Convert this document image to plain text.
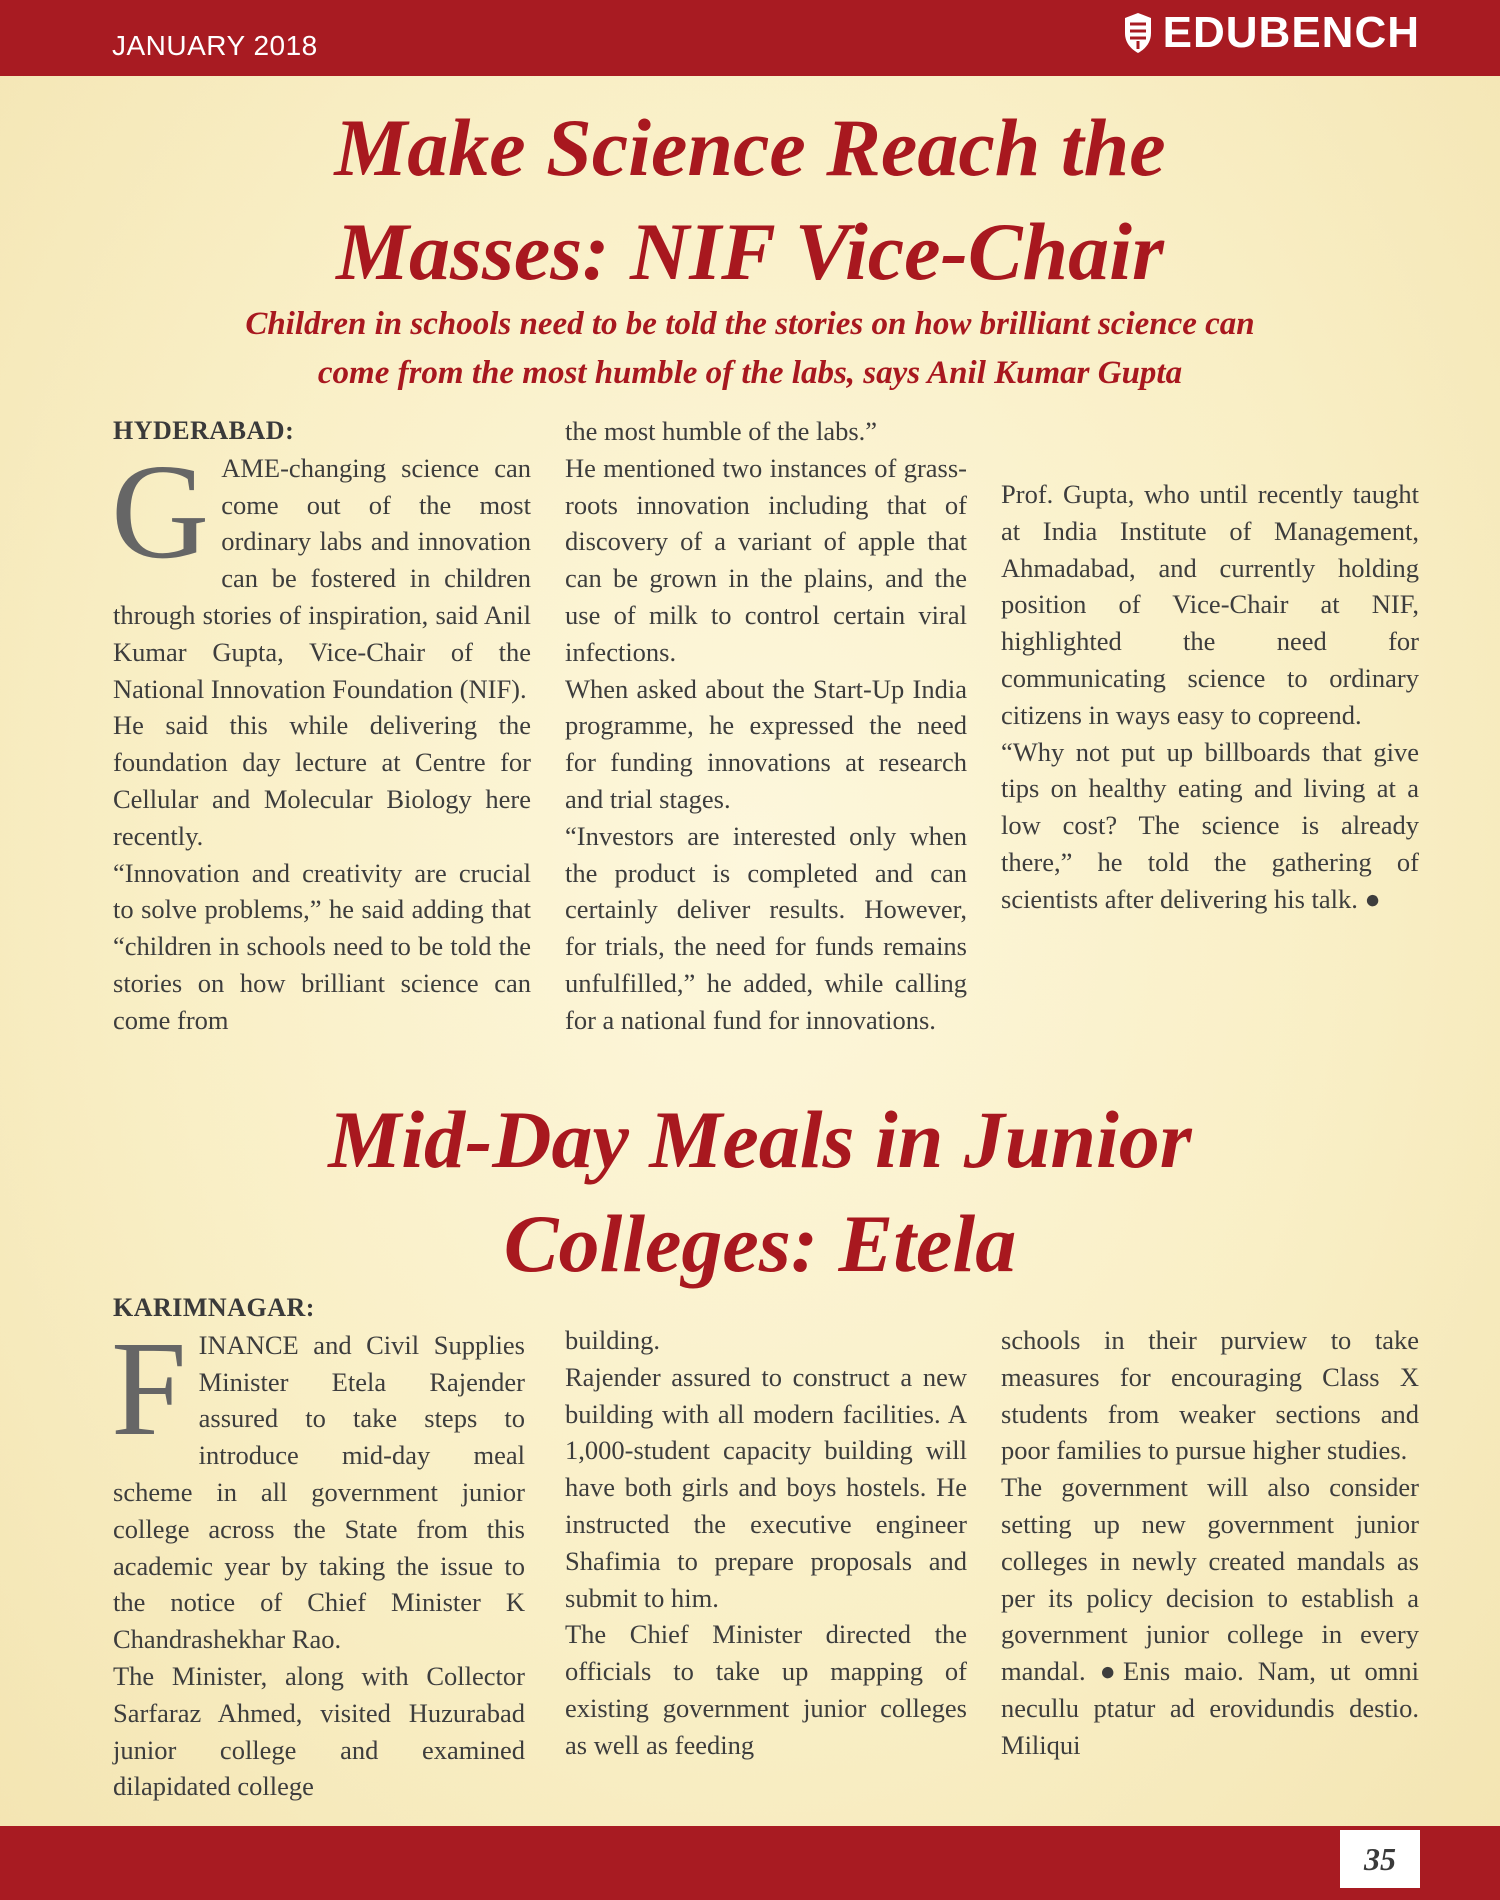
JANUARY 2018	EDUBENCH
Make Science Reach the
Masses: NIF Vice-Chair
Children in schools need to be told the stories on how brilliant science can
come from the most humble of the labs, says Anil Kumar Gupta
HYDERABAD:
G AME-changing science can come out of the most ordinary labs and innovation can be fostered in children through stories of inspiration, said Anil Kumar Gupta, Vice-Chair of the National Innovation Foundation (NIF).

He said this while delivering the foundation day lecture at Centre for Cellular and Molecular Biology here recently.

“Innovation and creativity are crucial to solve problems,” he said adding that “children in schools need to be told the stories on how brilliant science can come from

the most humble of the labs.”

He mentioned two instances of grass-roots innovation including that of discovery of a variant of apple that can be grown in the plains, and the use of milk to control certain viral infections.

When asked about the Start-Up India programme, he expressed the need for funding innovations at research and trial stages.

“Investors are interested only when the product is completed and can certainly deliver results. However, for trials, the need for funds remains unfulfilled,” he added, while calling for a national fund for innovations.

Prof. Gupta, who until recently taught at India Institute of Management, Ahmadabad, and currently holding position of Vice-Chair at NIF, highlighted the need for communicating science to ordinary citizens in ways easy to copreend.

“Why not put up billboards that give tips on healthy eating and living at a low cost? The science is already there,” he told the gathering of scientists after delivering his talk. ●

Mid-Day Meals in Junior
Colleges: Etela
KARIMNAGAR:
F INANCE and Civil Supplies Minister Etela Rajender assured to take steps to introduce mid-day meal scheme in all government junior college across the State from this academic year by taking the issue to the notice of Chief Minister K Chandrashekhar Rao.

The Minister, along with Collector Sarfaraz Ahmed, visited Huzurabad junior college and examined dilapidated college

building.

Rajender assured to construct a new building with all modern facilities. A 1,000-student capacity building will have both girls and boys hostels. He instructed the executive engineer Shafimia to prepare proposals and submit to him.

The Chief Minister directed the officials to take up mapping of existing government junior colleges as well as feeding

schools in their purview to take measures for encouraging Class X students from weaker sections and poor families to pursue higher studies.

The government will also consider setting up new government junior colleges in newly created mandals as per its policy decision to establish a government junior college in every mandal. ●Enis maio. Nam, ut omni necullu ptatur ad erovidundis destio. Miliqui

35
